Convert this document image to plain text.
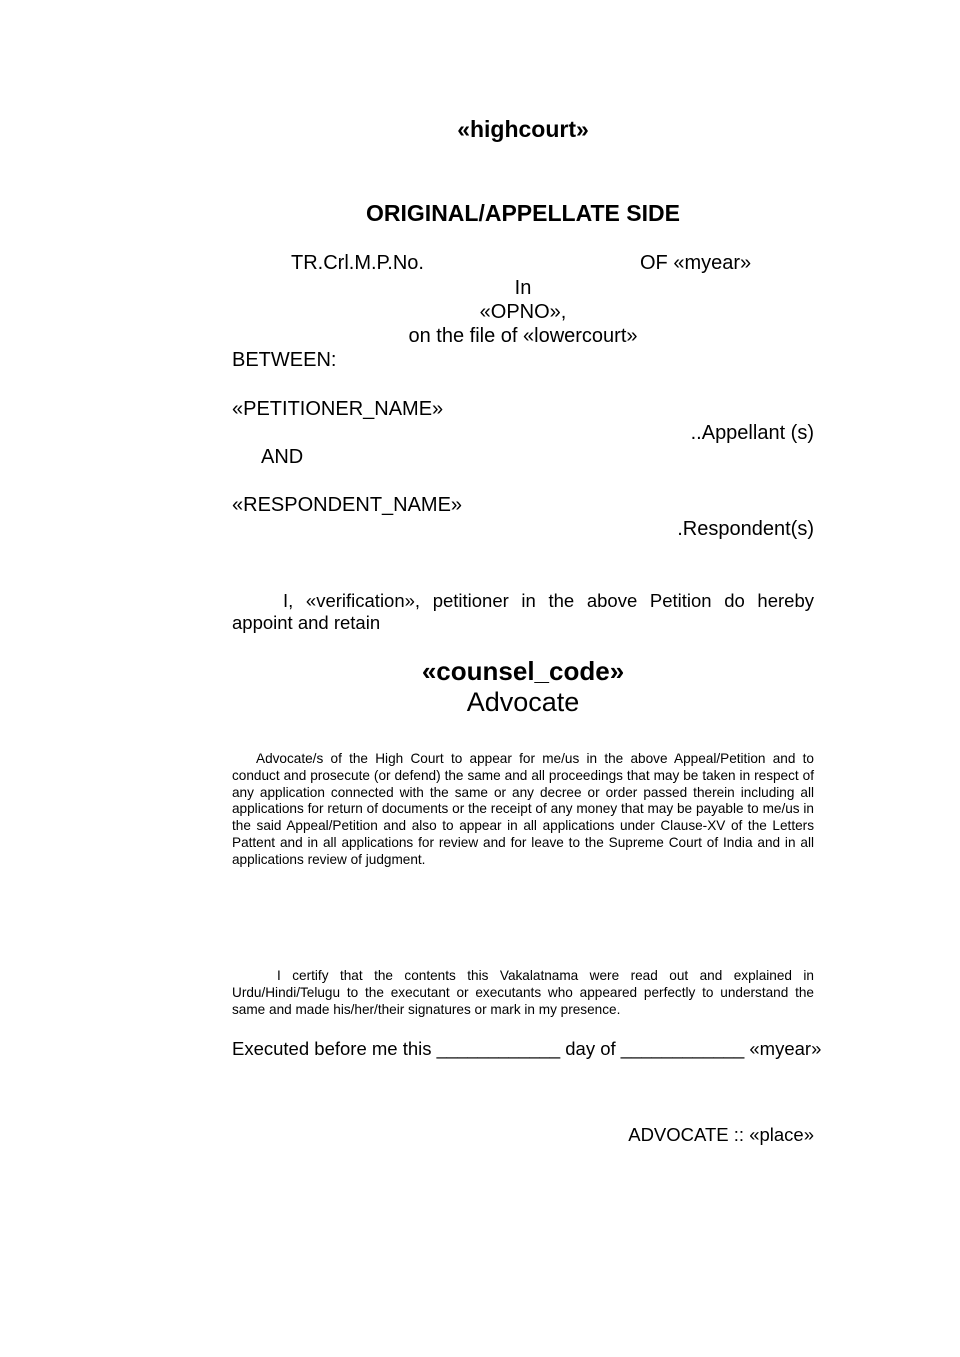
«highcourt»
ORIGINAL/APPELLATE SIDE
TR.Crl.M.P.No.	OF «myear»
In
«OPNO»,
on the file of «lowercourt»
BETWEEN:
«PETITIONER_NAME»
..Appellant (s)
AND
«RESPONDENT_NAME»
.Respondent(s)
I, «verification», petitioner in the above Petition do hereby appoint and retain
«counsel_code»
Advocate
Advocate/s of the High Court to appear for me/us in the above Appeal/Petition and to conduct and prosecute (or defend) the same and all proceedings that may be taken in respect of any application connected with the same or any decree or order passed therein including all applications for return of documents or the receipt of any money that may be payable to me/us in the said Appeal/Petition and also to appear in all applications under Clause-XV of the Letters Pattent and in all applications for review and for leave to the Supreme Court of India and in all applications review of judgment.
I certify that the contents this Vakalatnama were read out and explained in Urdu/Hindi/Telugu to the executant or executants who appeared perfectly to understand the same and made his/her/their signatures or mark in my presence.
Executed before me this ____________ day of ____________ «myear»
ADVOCATE :: «place»
